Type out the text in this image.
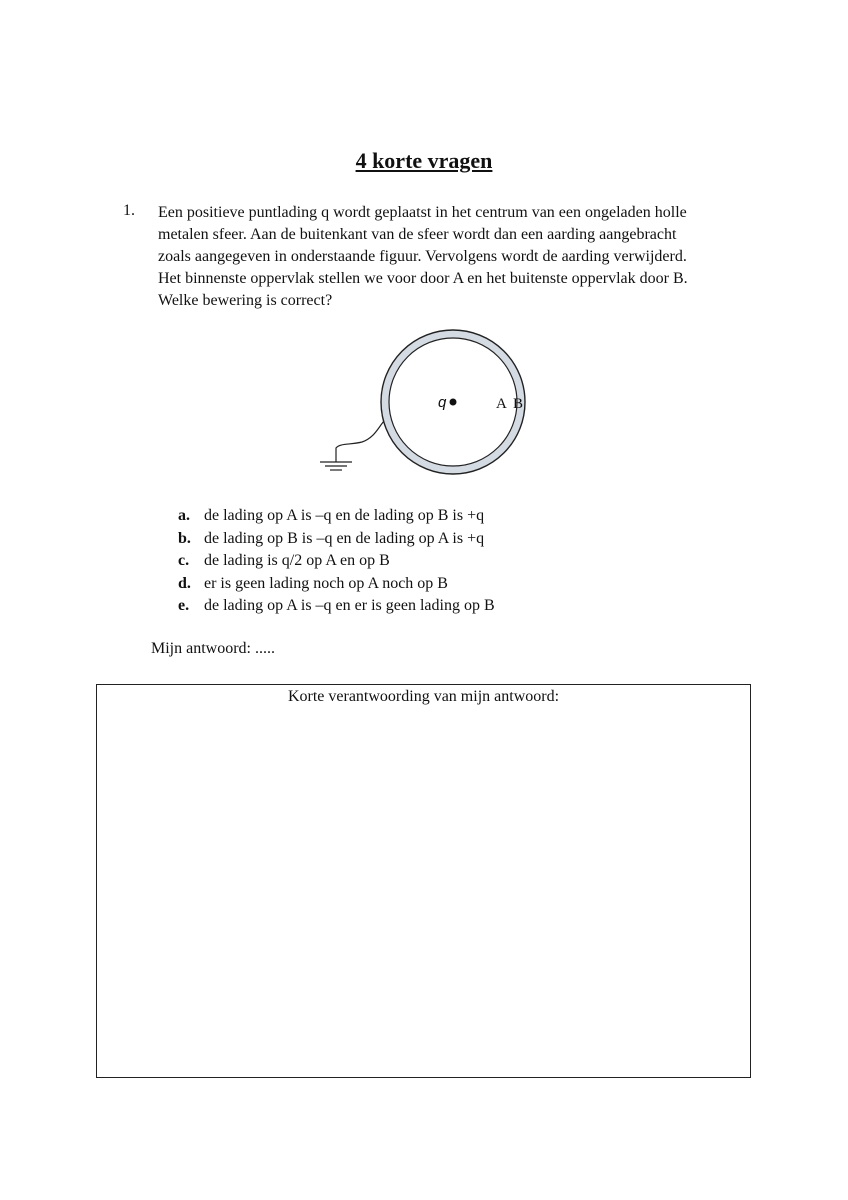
4 korte vragen
1. Een positieve puntlading q wordt geplaatst in het centrum van een ongeladen holle
metalen sfeer. Aan de buitenkant van de sfeer wordt dan een aarding aangebracht
zoals aangegeven in onderstaande figuur. Vervolgens wordt de aarding verwijderd.
Het binnenste oppervlak stellen we voor door A en het buitenste oppervlak door B.
Welke bewering is correct?
q	A B
a. de lading op A is –q en de lading op B is +q
b. de lading op B is –q en de lading op A is +q
c. de lading is q/2 op A en op B
d. er is geen lading noch op A noch op B
e. de lading op A is –q en er is geen lading op B
Mijn antwoord: .....
Korte verantwoording van mijn antwoord:
